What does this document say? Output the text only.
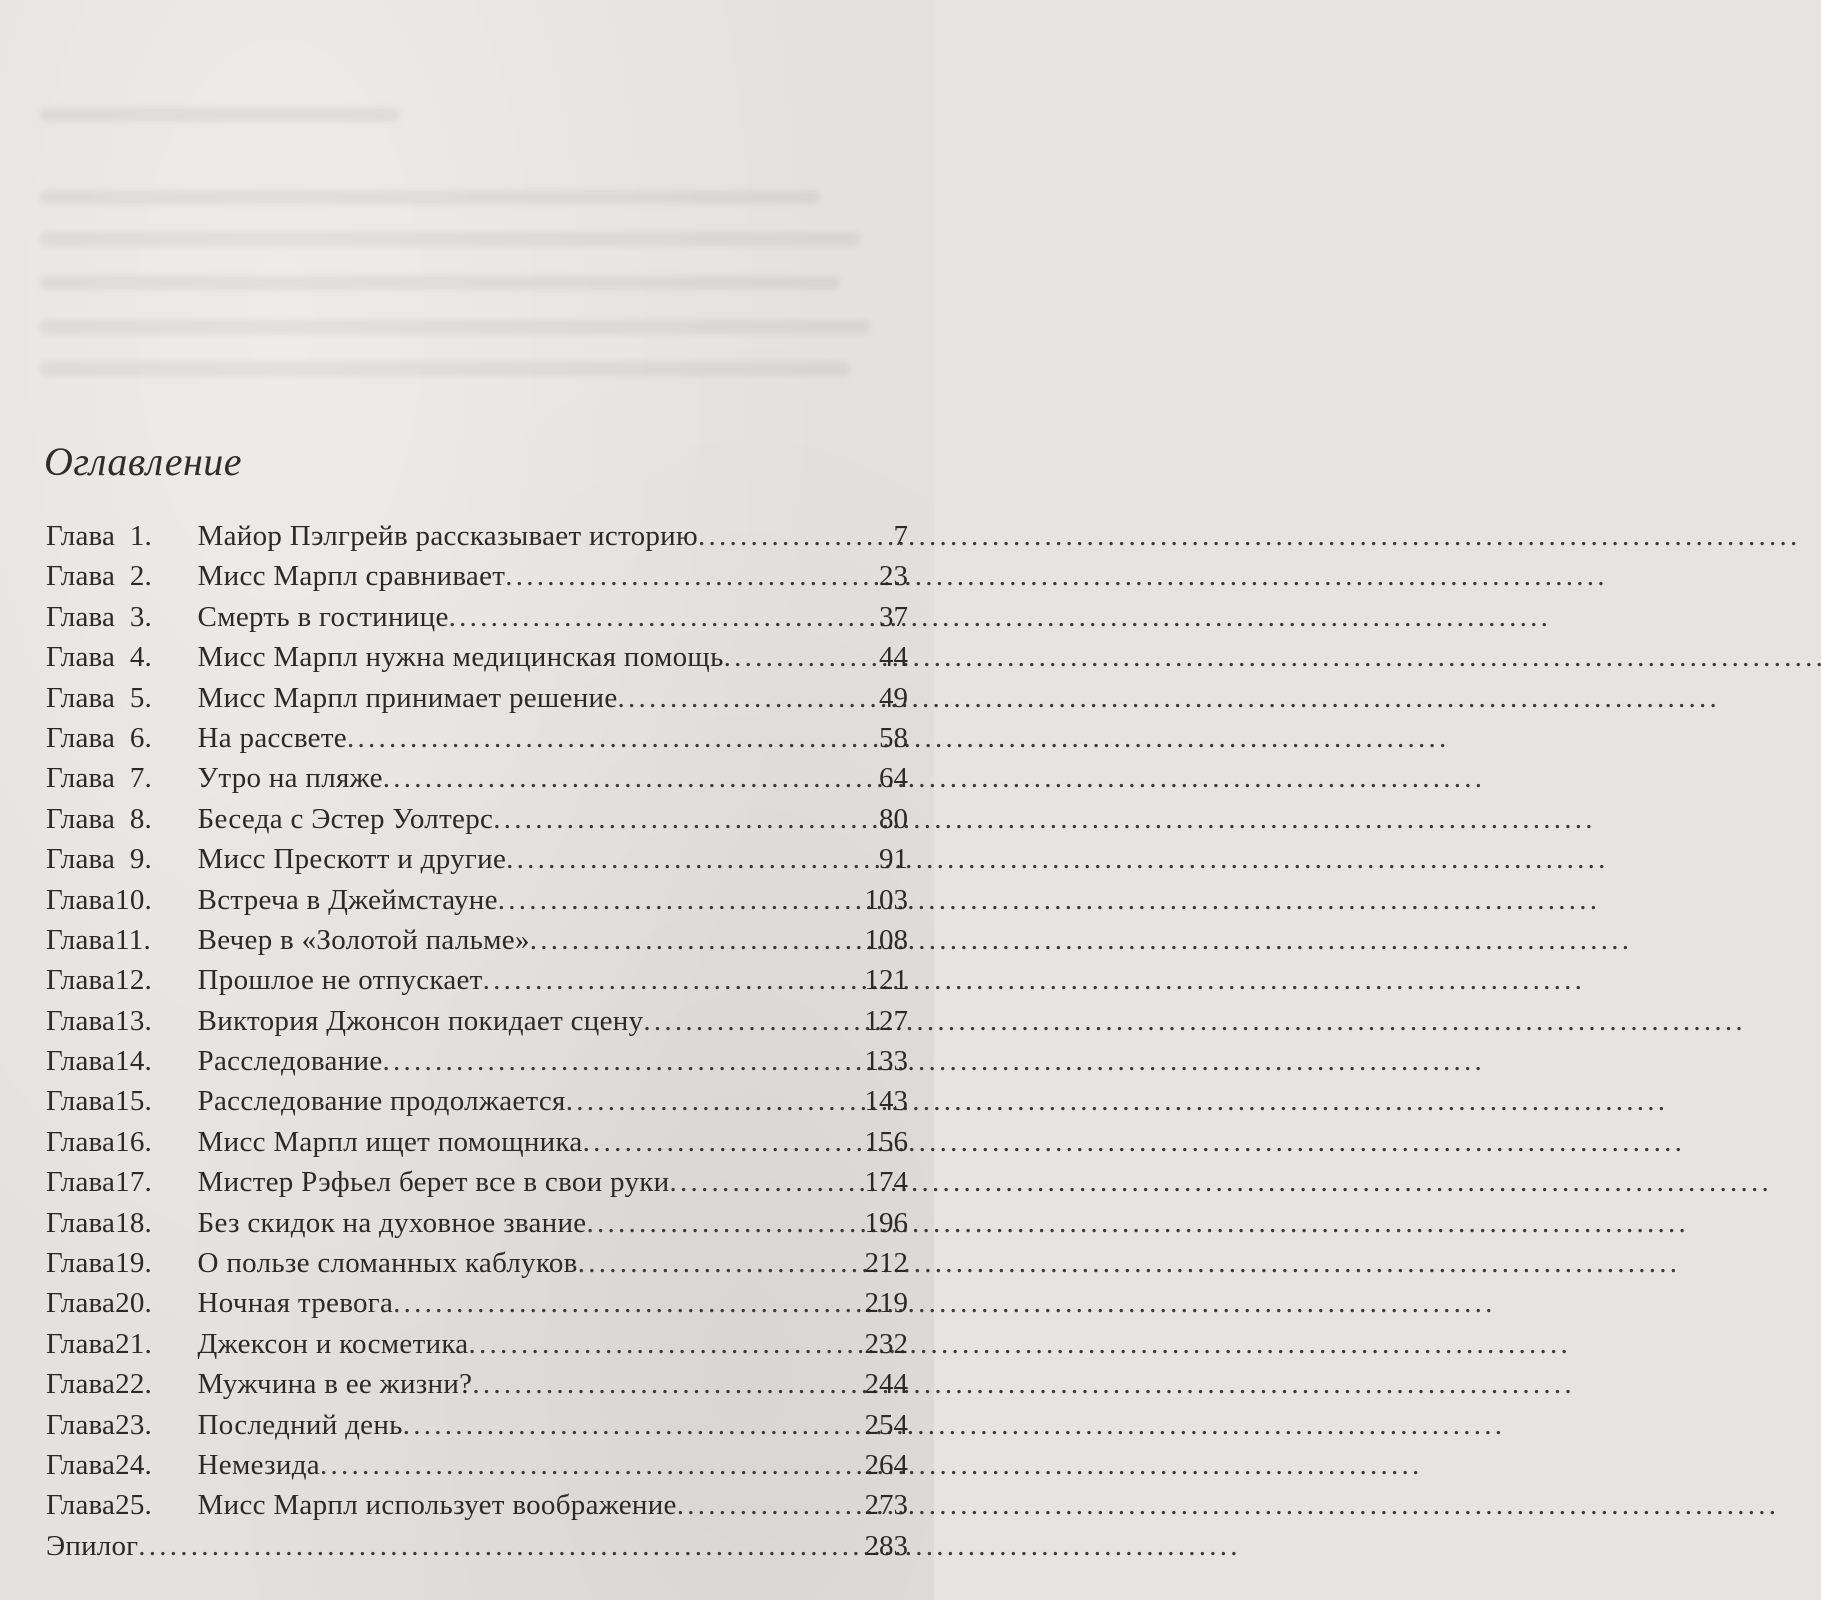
Оглавление
Глава  1.	Майор Пэлгрейв рассказывает историю . . .	7
Глава  2.	Мисс Марпл сравнивает . . .	23
Глава  3.	Смерть в гостинице . . .	37
Глава  4.	Мисс Марпл нужна медицинская помощь . . .	44
Глава  5.	Мисс Марпл принимает решение . . .	49
Глава  6.	На рассвете . . .	58
Глава  7.	Утро на пляже . . .	64
Глава  8.	Беседа с Эстер Уолтерс . . .	80
Глава  9.	Мисс Прескотт и другие . . .	91
Глава10.	Встреча в Джеймстауне . . .	103
Глава11.	Вечер в «Золотой пальме» . . .	108
Глава12.	Прошлое не отпускает . . .	121
Глава13.	Виктория Джонсон покидает сцену . . .	127
Глава14.	Расследование . . .	133
Глава15.	Расследование продолжается . . .	143
Глава16.	Мисс Марпл ищет помощника . . .	156
Глава17.	Мистер Рэфьел берет все в свои руки . . .	174
Глава18.	Без скидок на духовное звание . . .	196
Глава19.	О пользе сломанных каблуков . . .	212
Глава20.	Ночная тревога . . .	219
Глава21.	Джексон и косметика . . .	232
Глава22.	Мужчина в ее жизни? . . .	244
Глава23.	Последний день . . .	254
Глава24.	Немезида . . .	264
Глава25.	Мисс Марпл использует воображение . . .	273
Эпилог . . .	283
